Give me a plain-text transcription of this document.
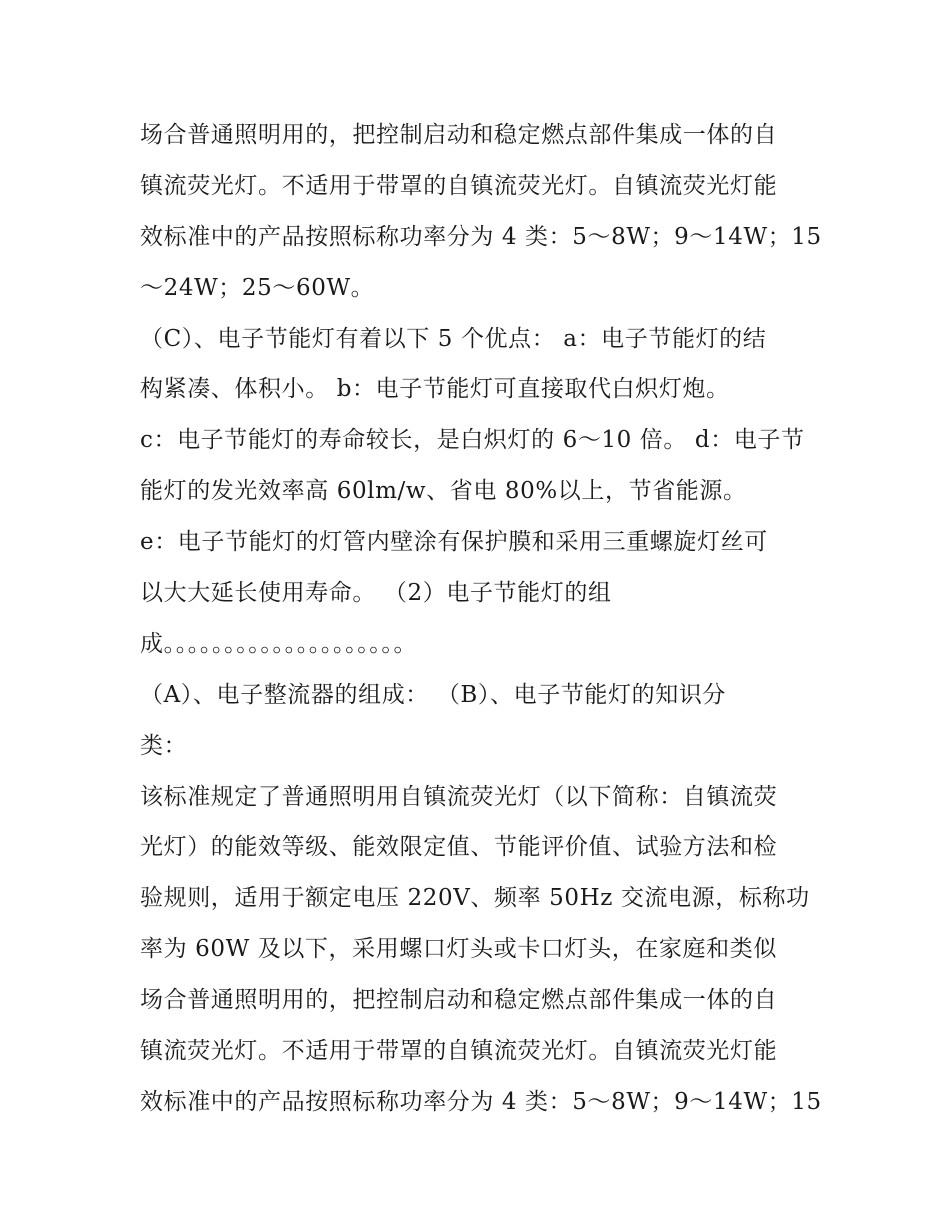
场合普通照明用的，把控制启动和稳定燃点部件集成一体的自
镇流荧光灯。不适用于带罩的自镇流荧光灯。自镇流荧光灯能
效标准中的产品按照标称功率分为 4 类：5～8W；9～14W；15
～24W；25～60W。
（C）、电子节能灯有着以下 5 个优点： a：电子节能灯的结
构紧凑、体积小。 b：电子节能灯可直接取代白炽灯炮。
c：电子节能灯的寿命较长，是白炽灯的 6～10 倍。 d：电子节
能灯的发光效率高 60lm/w、省电 80%以上，节省能源。
e：电子节能灯的灯管内壁涂有保护膜和采用三重螺旋灯丝可
以大大延长使用寿命。 （2）电子节能灯的组
成。。。。。。。。。。。。。。。。。。。。
（A）、电子整流器的组成： （B）、电子节能灯的知识分
类：
该标准规定了普通照明用自镇流荧光灯（以下简称：自镇流荧
光灯）的能效等级、能效限定值、节能评价值、试验方法和检
验规则，适用于额定电压 220V、频率 50Hz 交流电源，标称功
率为 60W 及以下，采用螺口灯头或卡口灯头，在家庭和类似
场合普通照明用的，把控制启动和稳定燃点部件集成一体的自
镇流荧光灯。不适用于带罩的自镇流荧光灯。自镇流荧光灯能
效标准中的产品按照标称功率分为 4 类：5～8W；9～14W；15
